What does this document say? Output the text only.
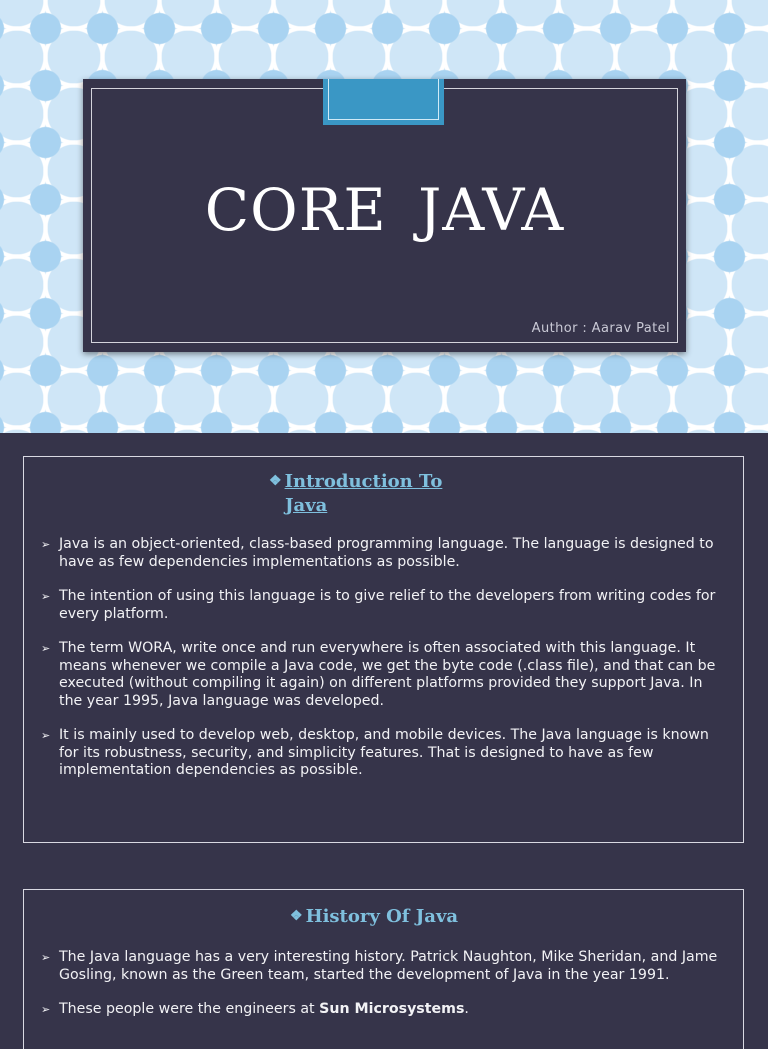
CORE JAVA
Author : Aarav Patel
❖ Introduction To
Java
➢ Java is an object-oriented, class-based programming language. The language is designed to have as few dependencies implementations as possible.
➢ The intention of using this language is to give relief to the developers from writing codes for every platform.
➢ The term WORA, write once and run everywhere is often associated with this language. It means whenever we compile a Java code, we get the byte code (.class file), and that can be executed (without compiling it again) on different platforms provided they support Java. In the year 1995, Java language was developed.
➢ It is mainly used to develop web, desktop, and mobile devices. The Java language is known for its robustness, security, and simplicity features. That is designed to have as few implementation dependencies as possible.
❖ History Of Java
➢ The Java language has a very interesting history. Patrick Naughton, Mike Sheridan, and Jame Gosling, known as the Green team, started the development of Java in the year 1991.
➢ These people were the engineers at Sun Microsystems.
